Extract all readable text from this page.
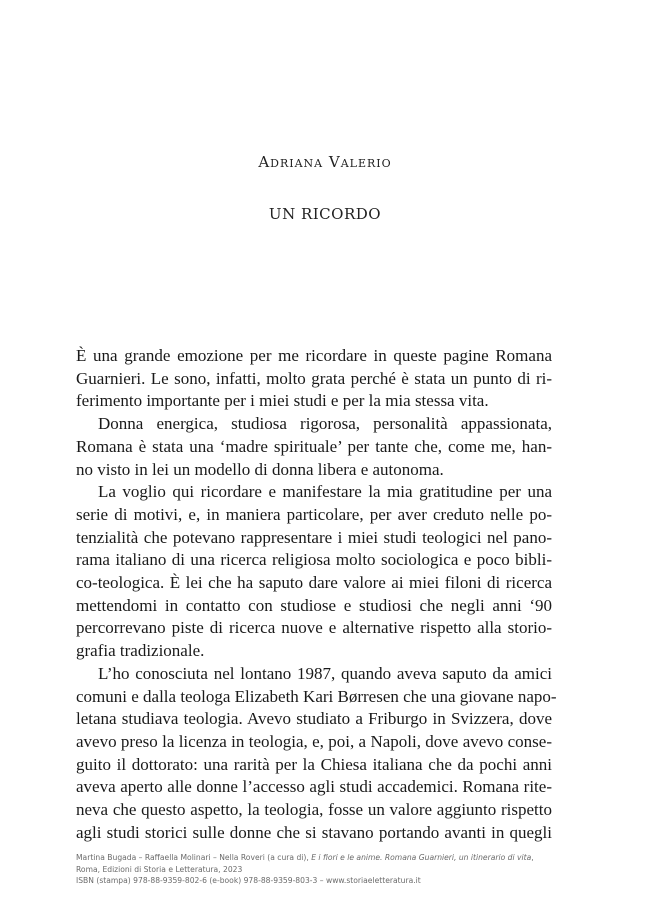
Adriana Valerio
UN RICORDO
È una grande emozione per me ricordare in queste pagine Romana
Guarnieri. Le sono, infatti, molto grata perché è stata un punto di ri-
ferimento importante per i miei studi e per la mia stessa vita.
Donna energica, studiosa rigorosa, personalità appassionata,
Romana è stata una ‘madre spirituale’ per tante che, come me, han-
no visto in lei un modello di donna libera e autonoma.
La voglio qui ricordare e manifestare la mia gratitudine per una
serie di motivi, e, in maniera particolare, per aver creduto nelle po-
tenzialità che potevano rappresentare i miei studi teologici nel pano-
rama italiano di una ricerca religiosa molto sociologica e poco bibli-
co-teologica. È lei che ha saputo dare valore ai miei filoni di ricerca
mettendomi in contatto con studiose e studiosi che negli anni ‘90
percorrevano piste di ricerca nuove e alternative rispetto alla storio-
grafia tradizionale.
L’ho conosciuta nel lontano 1987, quando aveva saputo da amici
comuni e dalla teologa Elizabeth Kari Børresen che una giovane napo-
letana studiava teologia. Avevo studiato a Friburgo in Svizzera, dove
avevo preso la licenza in teologia, e, poi, a Napoli, dove avevo conse-
guito il dottorato: una rarità per la Chiesa italiana che da pochi anni
aveva aperto alle donne l’accesso agli studi accademici. Romana rite-
neva che questo aspetto, la teologia, fosse un valore aggiunto rispetto
agli studi storici sulle donne che si stavano portando avanti in quegli
Martina Bugada – Raffaella Molinari – Nella Roveri (a cura di), E i fiori e le anime. Romana Guarnieri, un itinerario di vita,
Roma, Edizioni di Storia e Letteratura, 2023
ISBN (stampa) 978-88-9359-802-6 (e-book) 978-88-9359-803-3 – www.storiaeletteratura.it
